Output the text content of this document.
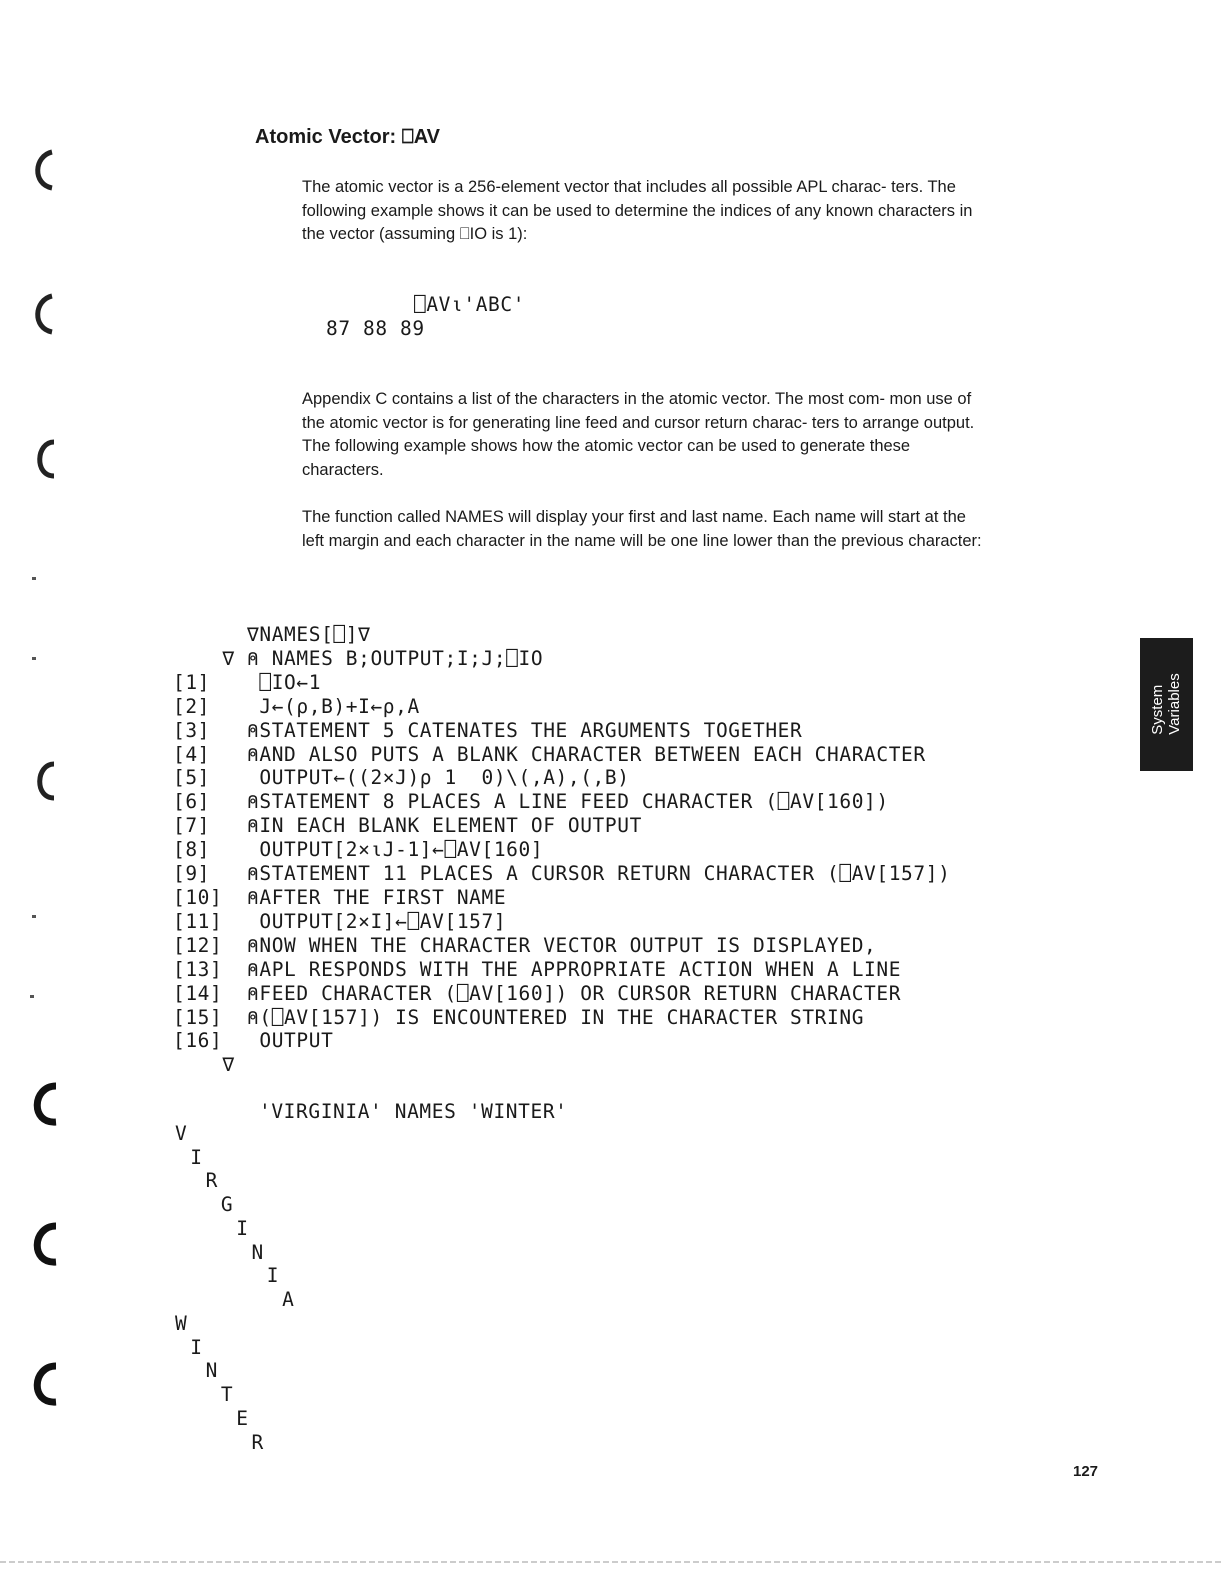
Atomic Vector: ⎕AV

The atomic vector is a 256-element vector that includes all possible APL charac- ters. The following example shows it can be used to determine the indices of any known characters in the vector (assuming ⎕IO is 1):

⎕AV⍳'ABC'
87 88 89

Appendix C contains a list of the characters in the atomic vector. The most com- mon use of the atomic vector is for generating line feed and cursor return charac- ters to arrange output. The following example shows how the atomic vector can be used to generate these characters.

The function called NAMES will display your first and last name. Each name will start at the left margin and each character in the name will be one line lower than the previous character:

∇NAMES[⎕]∇
∇ ⍝ NAMES B;OUTPUT;I;J;⎕IO
[1]    ⎕IO←1
[2]    J←(⍴,B)+I←⍴,A
[3]   ⍝STATEMENT 5 CATENATES THE ARGUMENTS TOGETHER
[4]   ⍝AND ALSO PUTS A BLANK CHARACTER BETWEEN EACH CHARACTER
[5]    OUTPUT←((2×J)⍴ 1  0)\(,A),(,B)
[6]   ⍝STATEMENT 8 PLACES A LINE FEED CHARACTER (⎕AV[160])
[7]   ⍝IN EACH BLANK ELEMENT OF OUTPUT
[8]    OUTPUT[2×⍳J-1]←⎕AV[160]
[9]   ⍝STATEMENT 11 PLACES A CURSOR RETURN CHARACTER (⎕AV[157])
[10]  ⍝AFTER THE FIRST NAME
[11]   OUTPUT[2×I]←⎕AV[157]
[12]  ⍝NOW WHEN THE CHARACTER VECTOR OUTPUT IS DISPLAYED,
[13]  ⍝APL RESPONDS WITH THE APPROPRIATE ACTION WHEN A LINE
[14]  ⍝FEED CHARACTER (⎕AV[160]) OR CURSOR RETURN CHARACTER
[15]  ⍝(⎕AV[157]) IS ENCOUNTERED IN THE CHARACTER STRING
[16]   OUTPUT
∇
'VIRGINIA' NAMES 'WINTER'
V
I
R
G
I
N
I
A
W
I
N
T
E
R
System Variables
127
